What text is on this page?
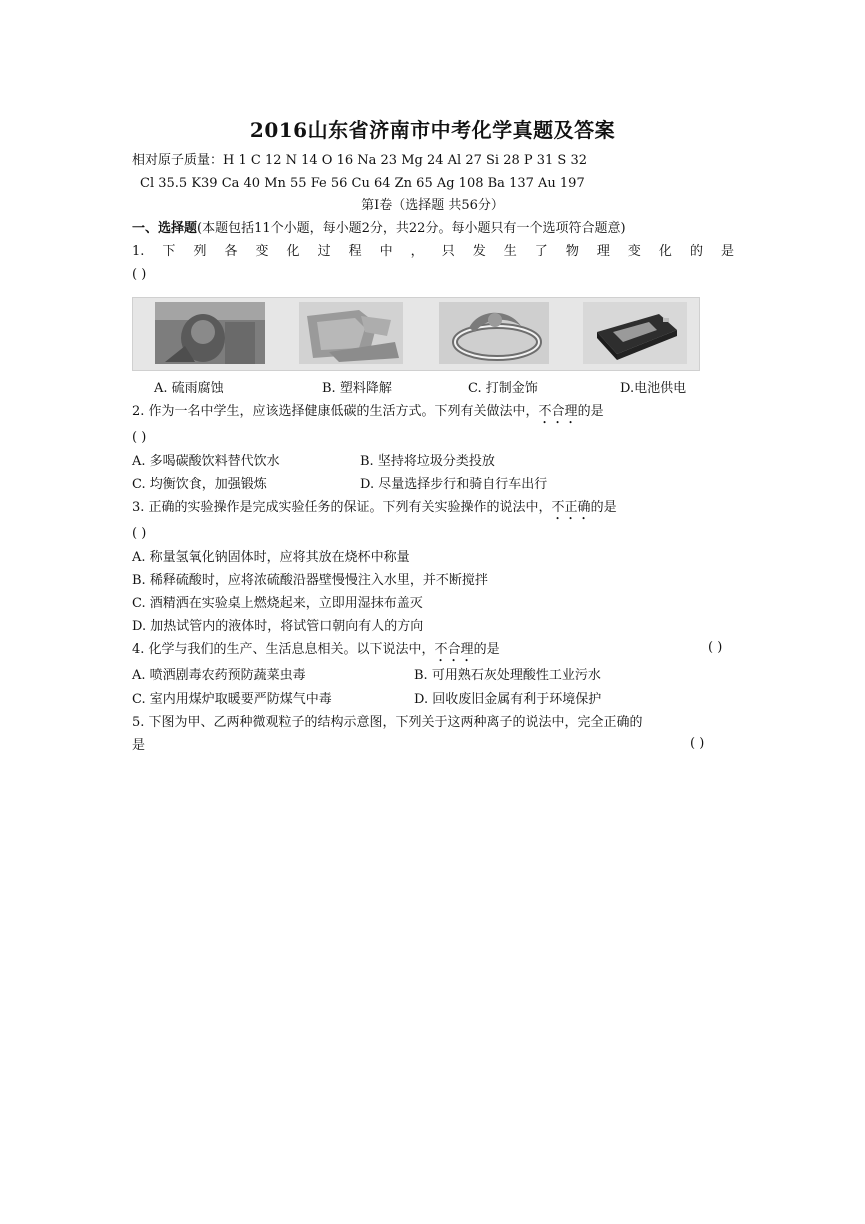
2016山东省济南市中考化学真题及答案
相对原子质量：H 1 C 12 N 14 O 16 Na 23 Mg 24 Al 27 Si 28 P 31 S 32
Cl 35.5 K39 Ca 40 Mn 55 Fe 56 Cu 64 Zn 65 Ag 108 Ba 137 Au 197
第Ⅰ卷（选择题 共56分）
一、选择题(本题包括11个小题，每小题2分，共22分。每小题只有一个选项符合题意)
1.下列各变化过程中，只发生了物理变化的是
( )
A. 硫雨腐蚀	B. 塑料降解	C. 打制金饰	D.电池供电
2. 作为一名中学生，应该选择健康低碳的生活方式。下列有关做法中，不合理的是
( )
A. 多喝碳酸饮料替代饮水	B. 坚持将垃圾分类投放
C. 均衡饮食，加强锻炼	D. 尽量选择步行和骑自行车出行
3. 正确的实验操作是完成实验任务的保证。下列有关实验操作的说法中，不正确的是
( )
A. 称量氢氧化钠固体时，应将其放在烧杯中称量
B. 稀释硫酸时，应将浓硫酸沿器壁慢慢注入水里，并不断搅拌
C. 酒精洒在实验桌上燃烧起来，立即用湿抹布盖灭
D. 加热试管内的液体时，将试管口朝向有人的方向
4. 化学与我们的生产、生活息息相关。以下说法中，不合理的是	( )
A. 喷洒剧毒农药预防蔬菜虫毒	B. 可用熟石灰处理酸性工业污水
C. 室内用煤炉取暖要严防煤气中毒	D. 回收废旧金属有利于环境保护
5. 下图为甲、乙两种微观粒子的结构示意图，下列关于这两种离子的说法中，完全正确的
是	( )
